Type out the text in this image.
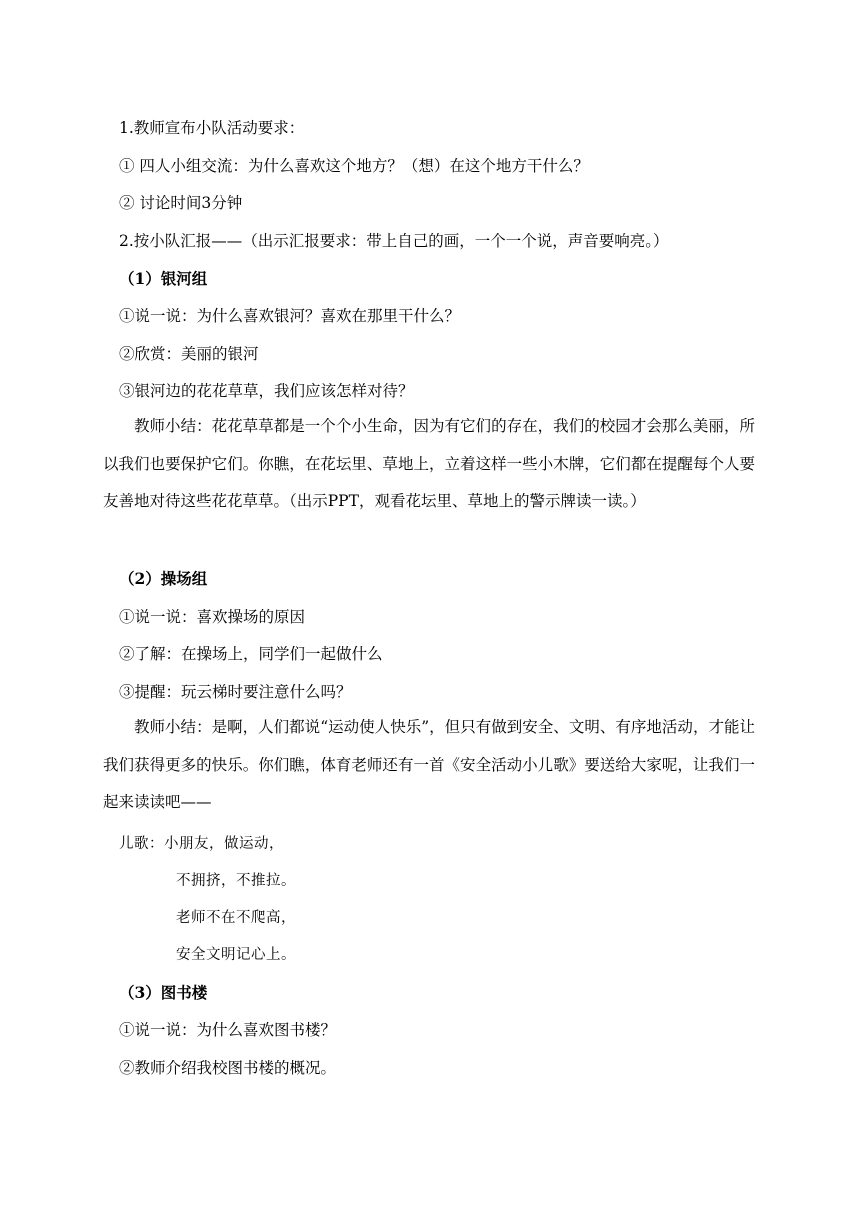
1.教师宣布小队活动要求：
① 四人小组交流：为什么喜欢这个地方？（想）在这个地方干什么？
② 讨论时间3分钟
2.按小队汇报——（出示汇报要求：带上自己的画，一个一个说，声音要响亮。）
（1）银河组
①说一说：为什么喜欢银河？喜欢在那里干什么？
②欣赏：美丽的银河
③银河边的花花草草，我们应该怎样对待？
教师小结：花花草草都是一个个小生命，因为有它们的存在，我们的校园才会那么美丽，所以我们也要保护它们。你瞧，在花坛里、草地上，立着这样一些小木牌，它们都在提醒每个人要友善地对待这些花花草草。（出示PPT，观看花坛里、草地上的警示牌读一读。）
（2）操场组
①说一说：喜欢操场的原因
②了解：在操场上，同学们一起做什么
③提醒：玩云梯时要注意什么吗？
教师小结：是啊，人们都说“运动使人快乐”，但只有做到安全、文明、有序地活动，才能让我们获得更多的快乐。你们瞧，体育老师还有一首《安全活动小儿歌》要送给大家呢，让我们一起来读读吧——
儿歌：小朋友，做运动，
不拥挤，不推拉。
老师不在不爬高，
安全文明记心上。
（3）图书楼
①说一说：为什么喜欢图书楼？
②教师介绍我校图书楼的概况。
